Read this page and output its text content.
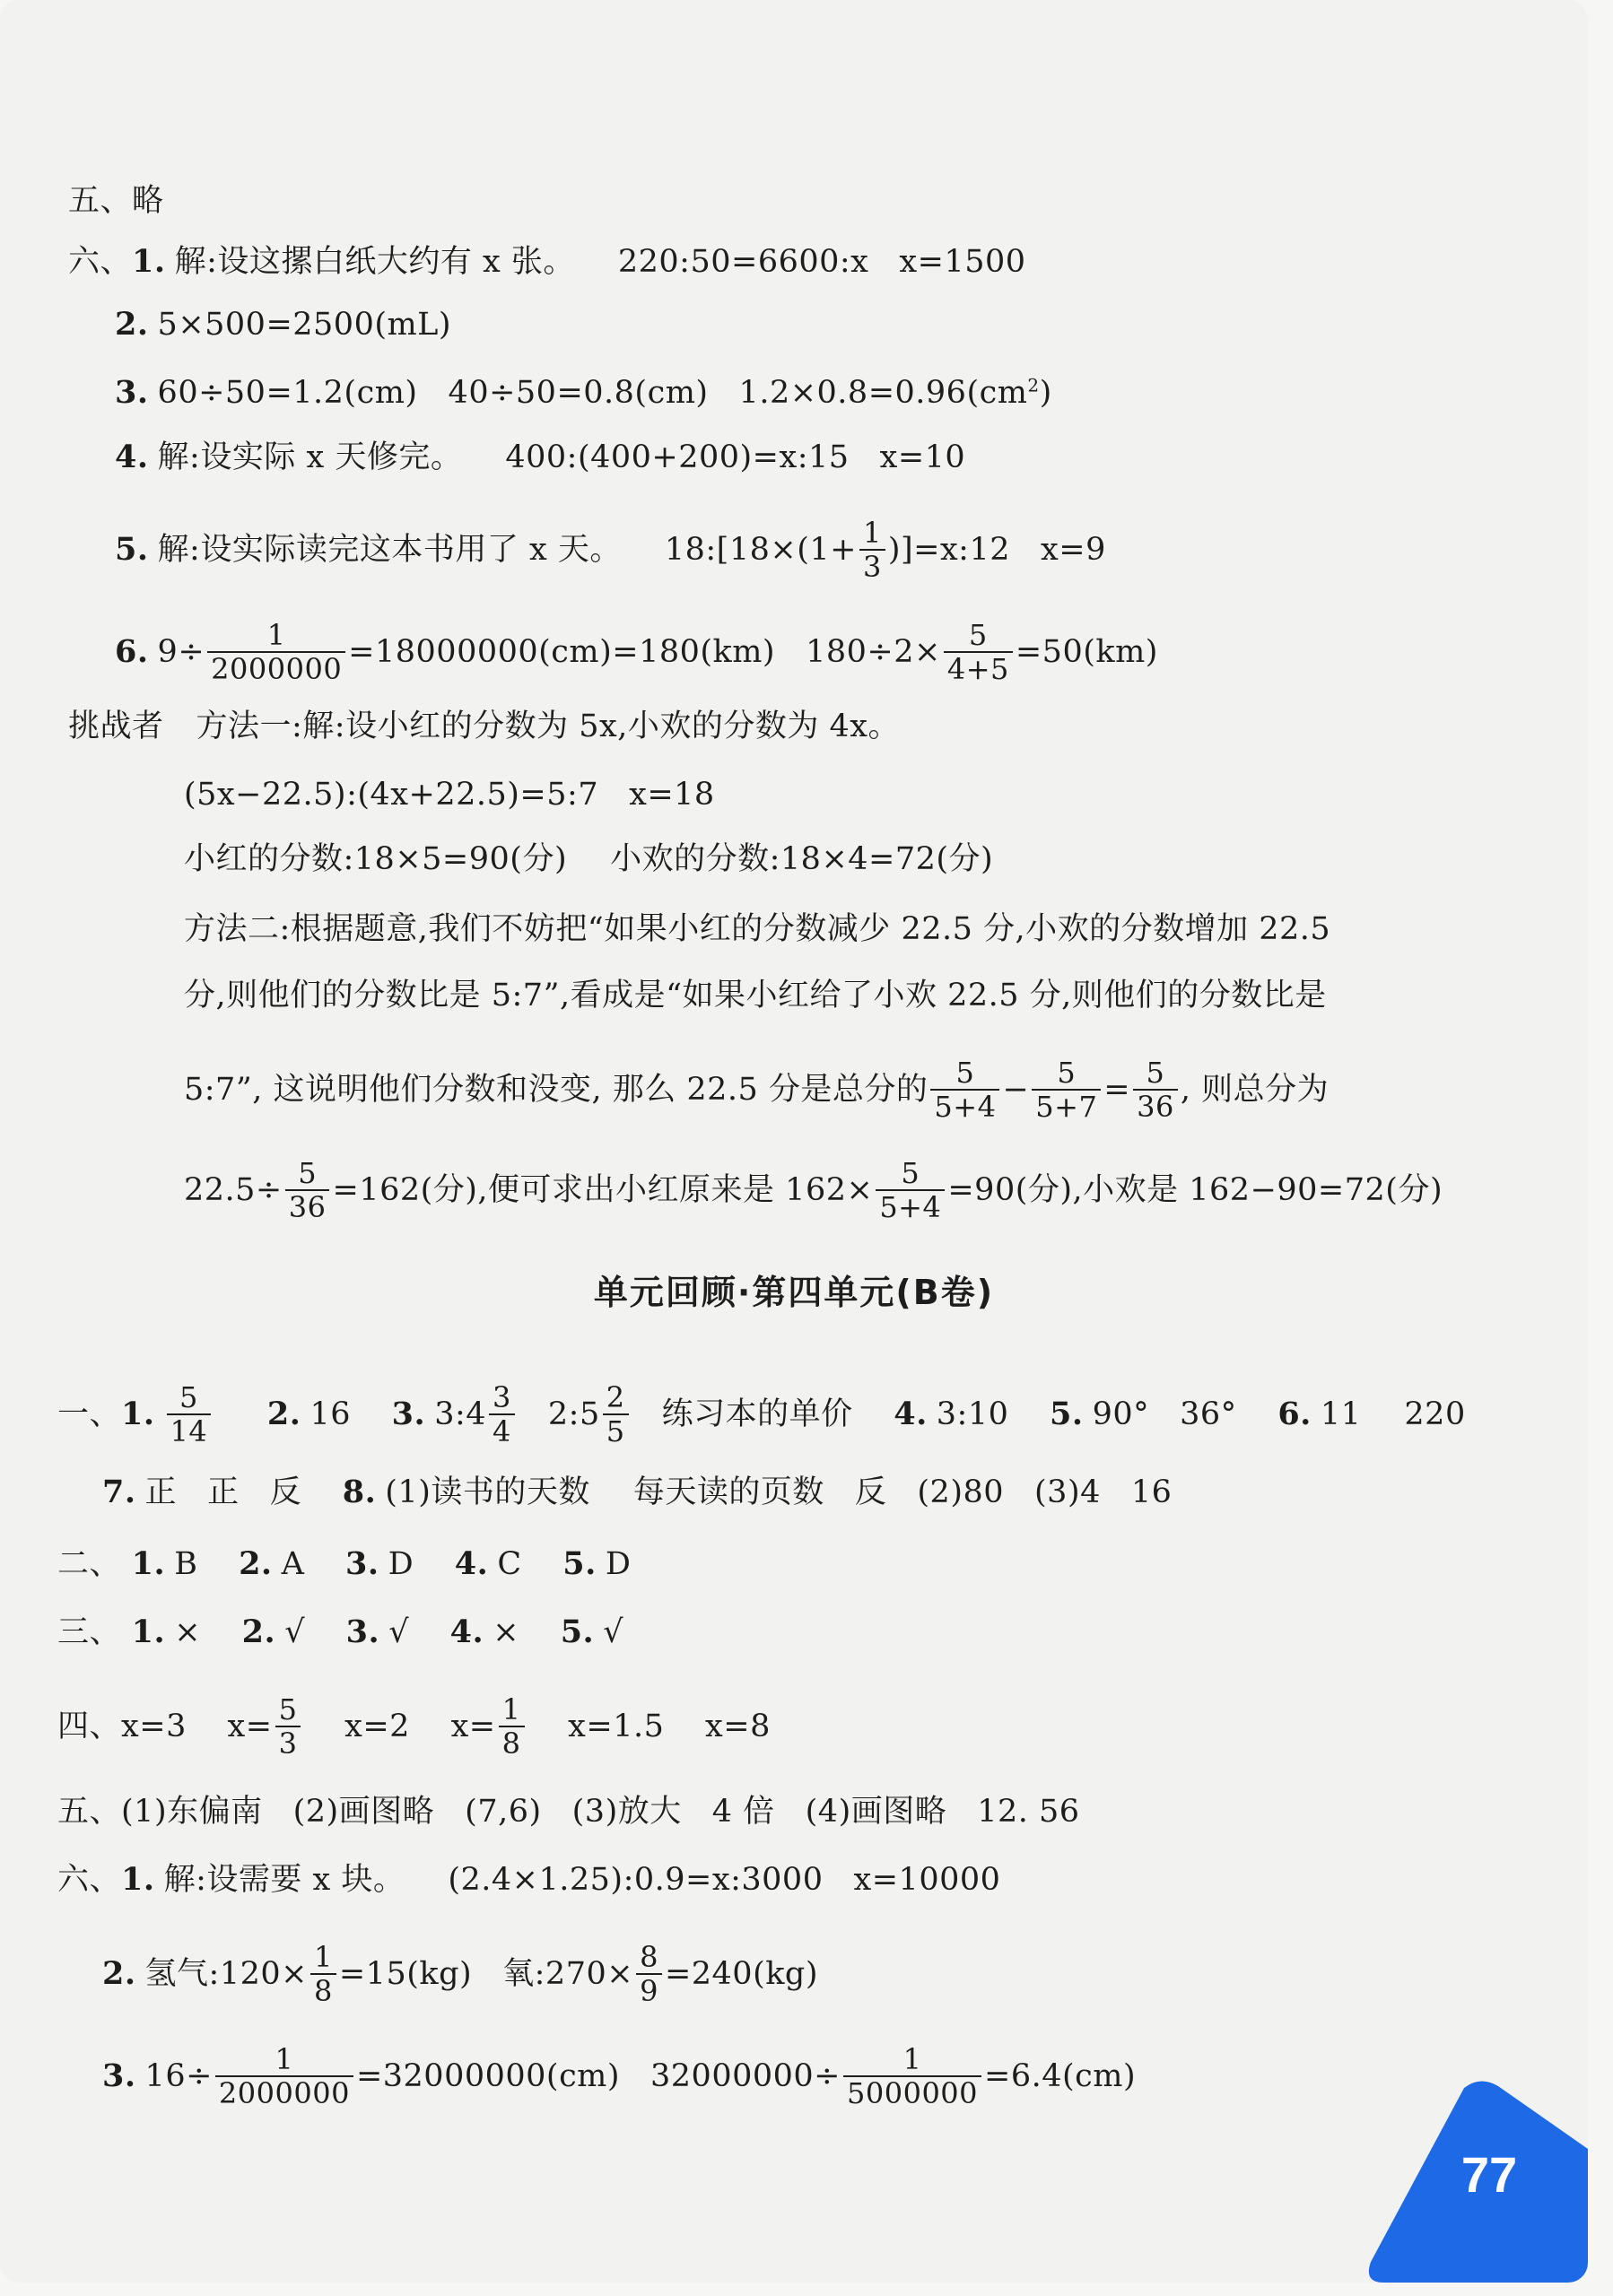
五、略
六、1. 解:设这摞白纸大约有 x 张。 220:50=6600:x x=1500
2. 5×500=2500(mL)
3. 60÷50=1.2(cm) 40÷50=0.8(cm) $1.2\times 0.8=0.96(cm^2)$
4. 解:设实际 x 天修完。 400:(400+200)=x:15 x=10
5. 解:设实际读完这本书用了 x 天。 18:[18×(1+ $\frac{1}{3}$ )]=x:12 x=9
6. $9\div \frac{1}{2000000} =18000000(cm)=180(km)$ $180\div 2\times \frac{5}{4+5} =50(km)$
挑战者 方法一:解:设小红的分数为 5x,小欢的分数为 4x。
(5x−22.5):(4x+22.5)=5:7 x=18
小红的分数:18×5=90(分) 小欢的分数:18×4=72(分)
方法二:根据题意,我们不妨把“如果小红的分数减少 22.5 分,小欢的分数增加 22.5
分,则他们的分数比是 5:7”,看成是“如果小红给了小欢 22.5 分,则他们的分数比是
5:7”, 这说明他们分数和没变, 那么 22.5 分是总分的 $\frac{5}{5+4} - \frac{5}{5+7} = \frac{5}{36}$ , 则总分为
$22.5\div \frac{5}{36} =162$(分),便可求出小红原来是 $162\times \frac{5}{5+4} =90$(分),小欢是 162−90=72(分)
单元回顾·第四单元(B卷)
一、1. $\frac{5}{14} 2$. 16 3. 3:4 $\frac{3}{4}$ 2:5 $\frac{2}{5}$ 练习本的单价 4. 3:10 5. 90° 36° 6. 11 220
7. 正 正 反 8. (1)读书的天数 每天读的页数 反 (2)80 (3)4 16
二、 1. B 2. A 3. D 4. C 5. D
三、 1. × 2. √ 3. √ 4. × 5. √
四、x=3 $x= \frac{5}{3} x=2$ $x= \frac{1}{8} x=1.5$ x=8
五、(1)东偏南 (2)画图略 (7,6) (3)放大 4 倍 (4)画图略 12. 56
六、1. 解:设需要 x 块。 (2.4×1.25):0.9=x:3000 x=10000
2. 氢气:120× $\frac{1}{8} =15(kg)$ 氧:270× $\frac{8}{9} =240(kg)$
3. $16\div \frac{1}{2000000} =32000000(cm)$ $32000000\div \frac{1}{5000000} =6.4(cm)$
77
